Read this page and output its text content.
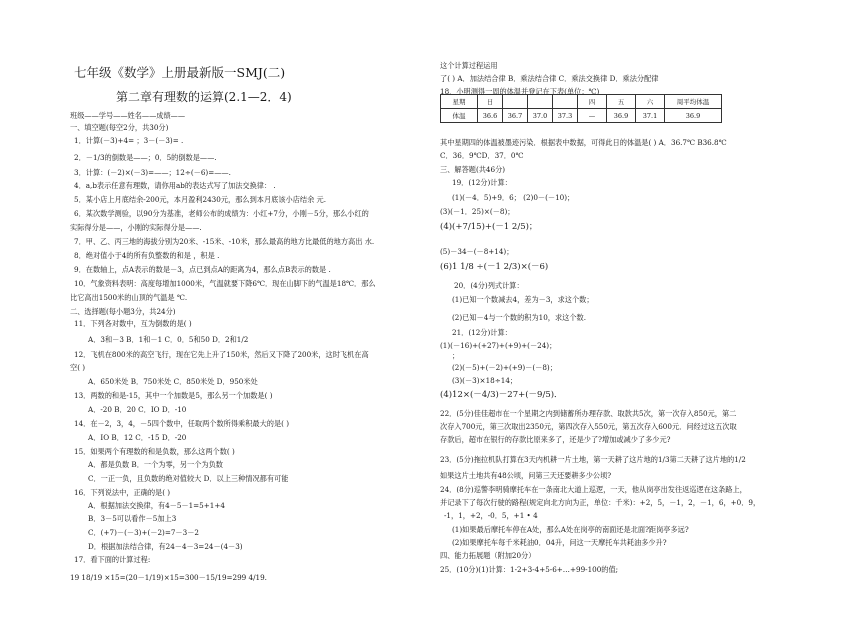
七年级《数学》上册最新版一SMJ(二)
第二章有理数的运算(2.1—2．4)
班级——学号——姓名——成绩——
一、填空题(每空2分，共30分)
1．计算(－3)+4= ；3－(－3)= .
2．－1/3的倒数是——；0．5的倒数是——.
3．计算：(－2)×(－3)=——；12÷(－6)=——.
4．a,b表示任意有理数，请你用ab的表达式写了加法交换律： .
5．某小店上月底结余-200元，本月盈利2430元，那么到本月底该小店结余 元.
6．某次数学测验，以90分为基准，老师公布的成绩为：小红+7分，小刚－5分，那么小红的
实际得分是——，小刚的实际得分是——.
7．甲、乙、丙三地的海拔分别为20米、-15米、-10米，那么最高的地方比最低的地方高出 水.
8．绝对值小于4的所有负整数的和是 ，积是 .
9．在数轴上，点A表示的数是－3，点已到点A的距离为4，那么点B表示的数是 .
10．气象资料表明：高度每增加1000米，气温就要下降6℃．现在山脚下的气温是18℃．那么
比它高出1500米的山顶的气温是 ℃.
二、选择题(每小题3分，共24分)
11．下列各对数中，互为倒数的是( )
A．3和－3 B．1和－1 C．0．5和50 D．2和1/2
12．飞机在800米的高空飞行，现在它先上升了150米，然后又下降了200米，这时飞机在高
空( )
A．650米处 B．750米处 C．850米处 D．950米处
13．两数的和是-15，其中一个加数是5，那么另一个加数是( )
A．-20 B．20 C．IO D．-10
14．在－2，3，4，－5四个数中，任取两个数所得乘积最大的是( )
A．IO B．12 C．-15 D．-20
15．如果两个有理数的和是负数，那么这两个数( )
A．都是负数 B．一个为零，另一个为负数
C．一正一负，且负数的绝对值较大 D．以上三种情况都有可能
16．下列说法中，正确的是( )
A．根据加法交换律，有4－5－1=5+1+4
B．3－5可以看作－5加上3
C．(+7)－(－3)+(－2)=7－3－2
D．根据加法结合律，有24－4－3=24－(4－3)
17．看下面的计算过程:
19 18/19 ×15=(20－1/19)×15=300－15/19=299 4/19.
这个计算过程运用
了( ) A．加法结合律 B．乘法结合律 C．乘法交换律 D．乘法分配律
18．小明测得一周的体温并登记在下表(单位：℃)
星期	日				四	五	六	周平均体温
体温	36.6	36.7	37.0	37.3	—	36.9	37.1	36.9
其中星期四的体温被墨迹污染．根据表中数据，可得此日的体温是( ) A．36.7℃ B36.8℃
C．36．9℃D．37．0℃
三、解答题(共46分)
19．(12分)计算：
(1)(－4．5)+9．6； (2)0－(－10)；
(3)(－1．25)×(－8)；
(4)(+7/15)+(－1 2/5)；
(5)－34－(－8+14)；
(6)1 1/8 ÷(－1 2/3)×(－6)
20．(4分)列式计算：
(1)已知一个数减去4，差为－3，求这个数；
(2)已知－4与一个数的积为10，求这个数.
21．(12分)计算：
(1)(－16)+(+27)+(+9)+(－24)；
；
(2)(－5)+(－2)+(+9)－(－8)；
(3)(－3)×18÷14；
(4)12×(－4/3)－27+(－9/5)．
22．(5分)佳佳超市在一个星期之内到储蓄所办理存款、取款共5次，第一次存入850元，第二
次存入700元，第三次取出2350元，第四次存入550元，第五次存入600元．问经过这五次取
存款后，超市在银行的存款比原来多了，还是少了?增加或减少了多少元?
23．(5分)拖拉机队打算在3天内机耕一片土地，第一天耕了这片地的1/3第二天耕了这片地的1/2
如果这片土地共有48公顷，问第三天还要耕多少公顷?
24．(8分)巡警李明骑摩托车在一条南北大道上巡逻，一天，他从岗亭出发往返巡逻在这条路上，
并记录下了每次行驶的路程(规定向北方向为正，单位：千米)：+2，5，－1，2，－1，6，+0．9，
-1，1，+2，-0．5，+1 • 4
(1)如果最后摩托车停在A处，那么A处在岗亭的南面还是北面?距岗亭多远?
(2)如果摩托车每千米耗油0．04升，问这一天摩托车共耗油多少升?
四、能力拓展题（附加20分）
25．(10分)(1)计算：1-2+3-4+5-6+…+99-100的值;
